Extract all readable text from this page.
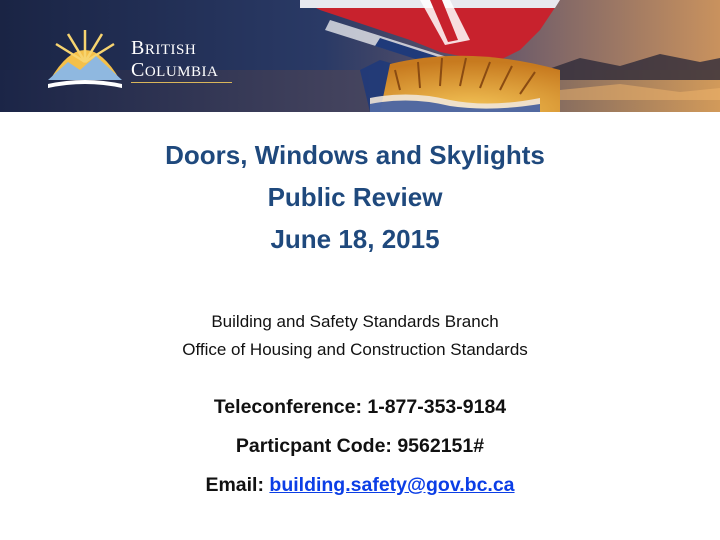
BRITISH
COLUMBIA
Doors, Windows and Skylights
Public Review
June 18, 2015
Building and Safety Standards Branch
Office of Housing and Construction Standards
Teleconference: 1-877-353-9184
Particpant Code: 9562151#
Email: building.safety@gov.bc.ca
